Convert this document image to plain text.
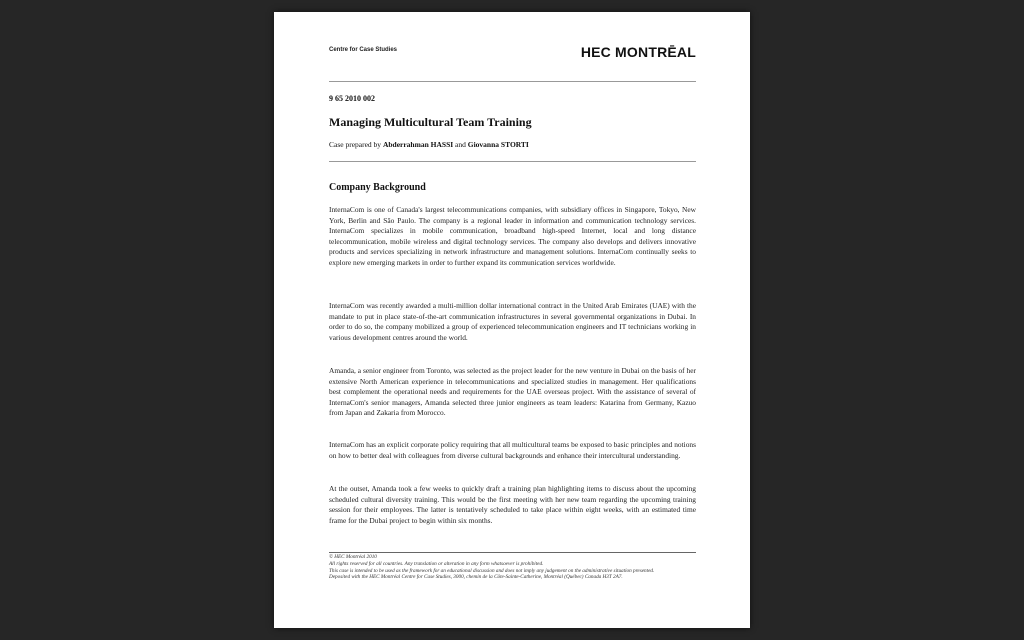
Centre for Case Studies	HEC MONTRĒAL
9 65 2010 002
Managing Multicultural Team Training
Case prepared by Abderrahman HASSI and Giovanna STORTI
Company Background
InternaCom is one of Canada's largest telecommunications companies, with subsidiary offices in Singapore, Tokyo, New York, Berlin and São Paulo. The company is a regional leader in information and communication technology services. InternaCom specializes in mobile communication, broadband high-speed Internet, local and long distance telecommunication, mobile wireless and digital technology services. The company also develops and delivers innovative products and services specializing in network infrastructure and management solutions. InternaCom continually seeks to explore new emerging markets in order to further expand its communication services worldwide.
InternaCom was recently awarded a multi-million dollar international contract in the United Arab Emirates (UAE) with the mandate to put in place state-of-the-art communication infrastructures in several governmental organizations in Dubai. In order to do so, the company mobilized a group of experienced telecommunication engineers and IT technicians working in various development centres around the world.
Amanda, a senior engineer from Toronto, was selected as the project leader for the new venture in Dubai on the basis of her extensive North American experience in telecommunications and specialized studies in management. Her qualifications best complement the operational needs and requirements for the UAE overseas project. With the assistance of several of InternaCom's senior managers, Amanda selected three junior engineers as team leaders: Katarina from Germany, Kazuo from Japan and Zakaria from Morocco.
InternaCom has an explicit corporate policy requiring that all multicultural teams be exposed to basic principles and notions on how to better deal with colleagues from diverse cultural backgrounds and enhance their intercultural understanding.
At the outset, Amanda took a few weeks to quickly draft a training plan highlighting items to discuss about the upcoming scheduled cultural diversity training. This would be the first meeting with her new team regarding the upcoming training session for their employees. The latter is tentatively scheduled to take place within eight weeks, with an estimated time frame for the Dubai project to begin within six months.
© HEC Montréal 2010
All rights reserved for all countries. Any translation or alteration in any form whatsoever is prohibited.
This case is intended to be used as the framework for an educational discussion and does not imply any judgement on the administrative situation presented.
Deposited with the HEC Montréal Centre for Case Studies, 3000, chemin de la Côte-Sainte-Catherine, Montréal (Québec) Canada H3T 2A7.
